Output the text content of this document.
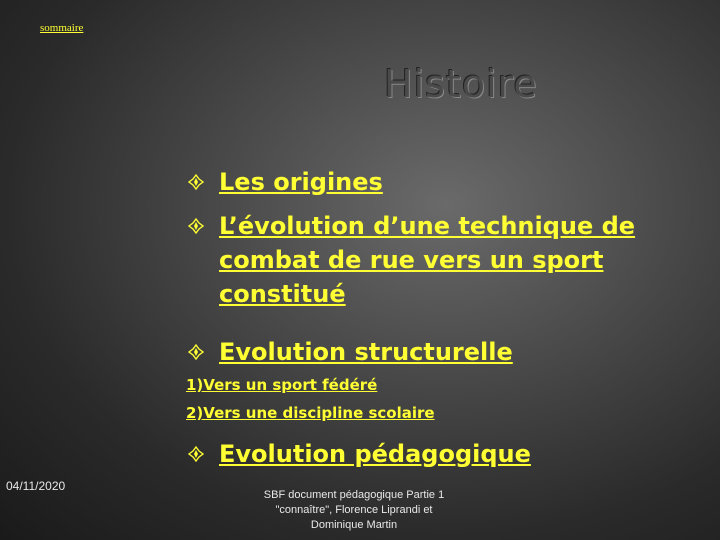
sommaire
Histoire
Les origines
L’évolution d’une technique de
combat de rue vers un sport
constitué
Evolution structurelle
1)Vers un sport fédéré
2)Vers une discipline scolaire
Evolution pédagogique
04/11/2020
SBF document pédagogique Partie 1
"connaître", Florence Liprandi et
Dominique Martin
